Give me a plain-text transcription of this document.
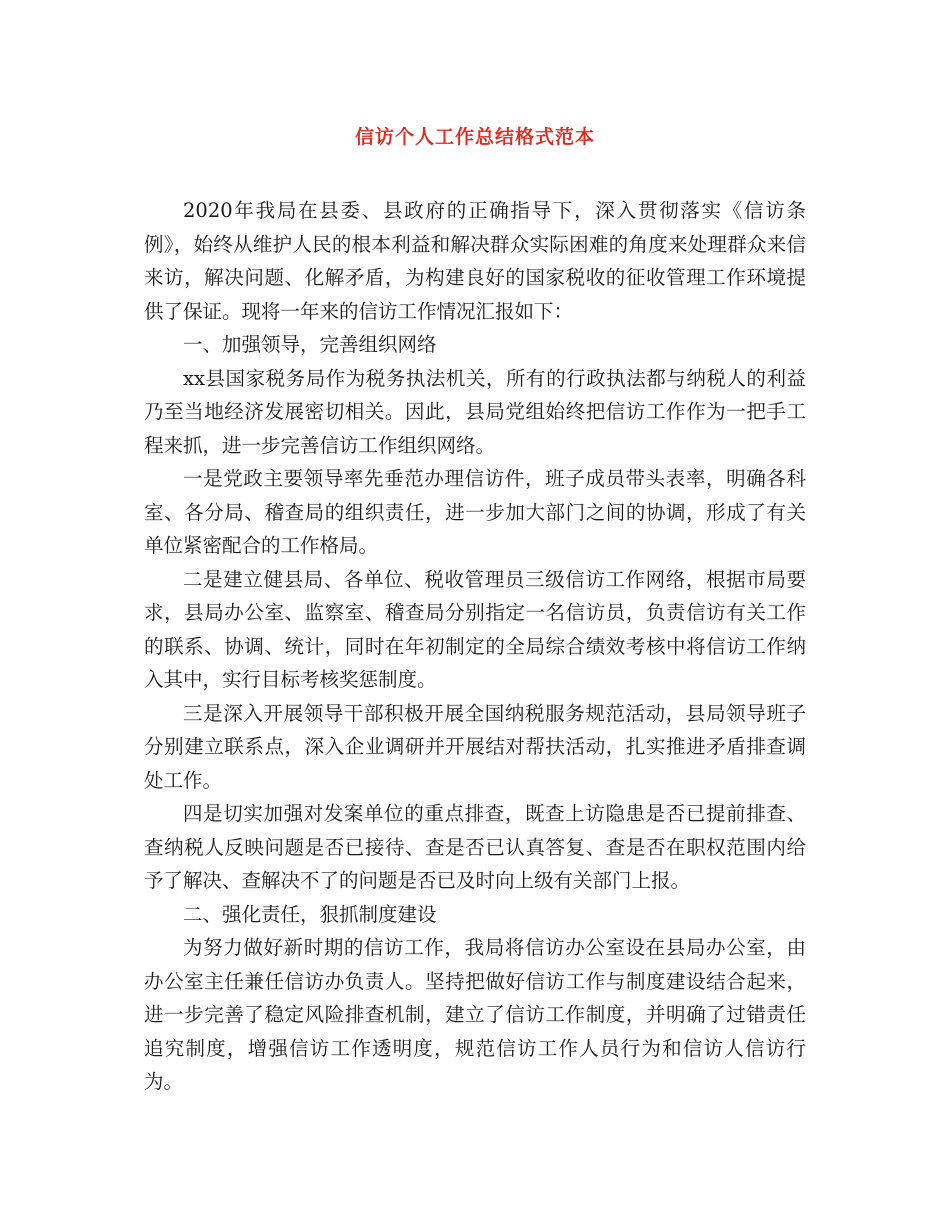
信访个人工作总结格式范本

2020年我局在县委、县政府的正确指导下，深入贯彻落实《信访条例》，始终从维护人民的根本利益和解决群众实际困难的角度来处理群众来信来访，解决问题、化解矛盾，为构建良好的国家税收的征收管理工作环境提供了保证。现将一年来的信访工作情况汇报如下：

一、加强领导，完善组织网络

xx县国家税务局作为税务执法机关，所有的行政执法都与纳税人的利益乃至当地经济发展密切相关。因此，县局党组始终把信访工作作为一把手工程来抓，进一步完善信访工作组织网络。

一是党政主要领导率先垂范办理信访件，班子成员带头表率，明确各科室、各分局、稽查局的组织责任，进一步加大部门之间的协调，形成了有关单位紧密配合的工作格局。

二是建立健县局、各单位、税收管理员三级信访工作网络，根据市局要求，县局办公室、监察室、稽查局分别指定一名信访员，负责信访有关工作的联系、协调、统计，同时在年初制定的全局综合绩效考核中将信访工作纳入其中，实行目标考核奖惩制度。

三是深入开展领导干部积极开展全国纳税服务规范活动，县局领导班子分别建立联系点，深入企业调研并开展结对帮扶活动，扎实推进矛盾排查调处工作。

四是切实加强对发案单位的重点排查，既查上访隐患是否已提前排查、查纳税人反映问题是否已接待、查是否已认真答复、查是否在职权范围内给予了解决、查解决不了的问题是否已及时向上级有关部门上报。

二、强化责任，狠抓制度建设

为努力做好新时期的信访工作，我局将信访办公室设在县局办公室，由办公室主任兼任信访办负责人。坚持把做好信访工作与制度建设结合起来，进一步完善了稳定风险排查机制，建立了信访工作制度，并明确了过错责任追究制度，增强信访工作透明度，规范信访工作人员行为和信访人信访行为。
